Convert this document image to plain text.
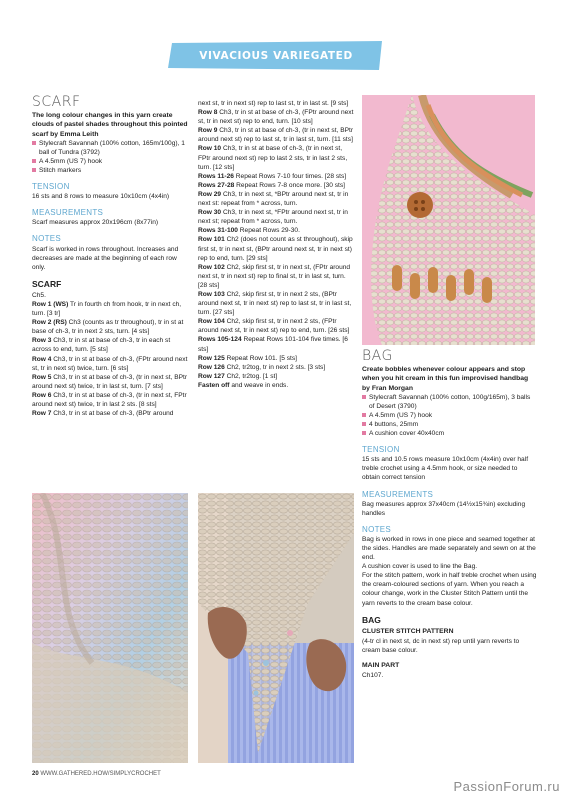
VIVACIOUS VARIEGATED COLLECTION
SCARF

The long colour changes in this yarn create clouds of pastel shades throughout this pointed scarf by Emma Leith

Stylecraft Savannah (100% cotton, 165m/100g), 1 ball of Tundra (3792)
A 4.5mm (US 7) hook
Stitch markers
TENSION

16 sts and 8 rows to measure 10x10cm (4x4in)

MEASUREMENTS

Scarf measures approx 20x196cm (8x77in)

NOTES

Scarf is worked in rows throughout. Increases and decreases are made at the beginning of each row only.

SCARF

Ch5.

Row 1 (WS) Tr in fourth ch from hook, tr in next ch, turn. [3 tr]

Row 2 (RS) Ch3 (counts as tr throughout), tr in st at base of ch-3, tr in next 2 sts, turn. [4 sts]

Row 3 Ch3, tr in st at base of ch-3, tr in each st across to end, turn. [5 sts]

Row 4 Ch3, tr in st at base of ch-3, (FPtr around next st, tr in next st) twice, turn. [6 sts]

Row 5 Ch3, tr in st at base of ch-3, (tr in next st, BPtr around next st) twice, tr in last st, turn. [7 sts]

Row 6 Ch3, tr in st at base of ch-3, (tr in next st, FPtr around next st) twice, tr in last 2 sts. [8 sts]

Row 7 Ch3, tr in st at base of ch-3, (BPtr around

next st, tr in next st) rep to last st, tr in last st. [9 sts]

Row 8 Ch3, tr in st at base of ch-3, (FPtr around next st, tr in next st) rep to end, turn. [10 sts]

Row 9 Ch3, tr in st at base of ch-3, (tr in next st, BPtr around next st) rep to last st, tr in last st, turn. [11 sts]

Row 10 Ch3, tr in st at base of ch-3, (tr in next st, FPtr around next st) rep to last 2 sts, tr in last 2 sts, turn. [12 sts]

Rows 11-26 Repeat Rows 7-10 four times. [28 sts]

Rows 27-28 Repeat Rows 7-8 once more. [30 sts]

Row 29 Ch3, tr in next st, *BPtr around next st, tr in next st: repeat from * across, turn.

Row 30 Ch3, tr in next st, *FPtr around next st, tr in next st; repeat from * across, turn.

Rows 31-100 Repeat Rows 29-30.

Row 101 Ch2 (does not count as st throughout), skip first st, tr in next st, (BPtr around next st, tr in next st) rep to end, turn. [29 sts]

Row 102 Ch2, skip first st, tr in next st, (FPtr around next st, tr in next st) rep to final st, tr in last st, turn. [28 sts]

Row 103 Ch2, skip first st, tr in next 2 sts, (BPtr around next st, tr in next st) rep to last st, tr in last st, turn. [27 sts]

Row 104 Ch2, skip first st, tr in next 2 sts, (FPtr around next st, tr in next st) rep to end, turn. [26 sts]

Rows 105-124 Repeat Rows 101-104 five times. [6 sts]

Row 125 Repeat Row 101. [5 sts]

Row 126 Ch2, tr2tog, tr in next 2 sts. [3 sts]

Row 127 Ch2, tr2tog. [1 st]

Fasten off and weave in ends.

BAG

Create bobbles whenever colour appears and stop when you hit cream in this fun improvised handbag by Fran Morgan

Stylecraft Savannah (100% cotton, 100g/165m), 3 balls of Desert (3790)
A 4.5mm (US 7) hook
4 buttons, 25mm
A cushion cover 40x40cm
TENSION

15 sts and 10.5 rows measure 10x10cm (4x4in) over half treble crochet using a 4.5mm hook, or size needed to obtain correct tension

MEASUREMENTS

Bag measures approx 37x40cm (14½x15¾in) excluding handles

NOTES

Bag is worked in rows in one piece and seamed together at the sides. Handles are made separately and sewn on at the end.

A cushion cover is used to line the Bag.

For the stitch pattern, work in half treble crochet when using the cream-coloured sections of yarn. When you reach a colour change, work in the Cluster Stitch Pattern until the yarn reverts to the cream base colour.

BAG
CLUSTER STITCH PATTERN

(4-tr cl in next st, dc in next st) rep until yarn reverts to cream base colour.

MAIN PART

Ch107.

20 WWW.GATHERED.HOW/SIMPLYCROCHET
PassionForum.ru
